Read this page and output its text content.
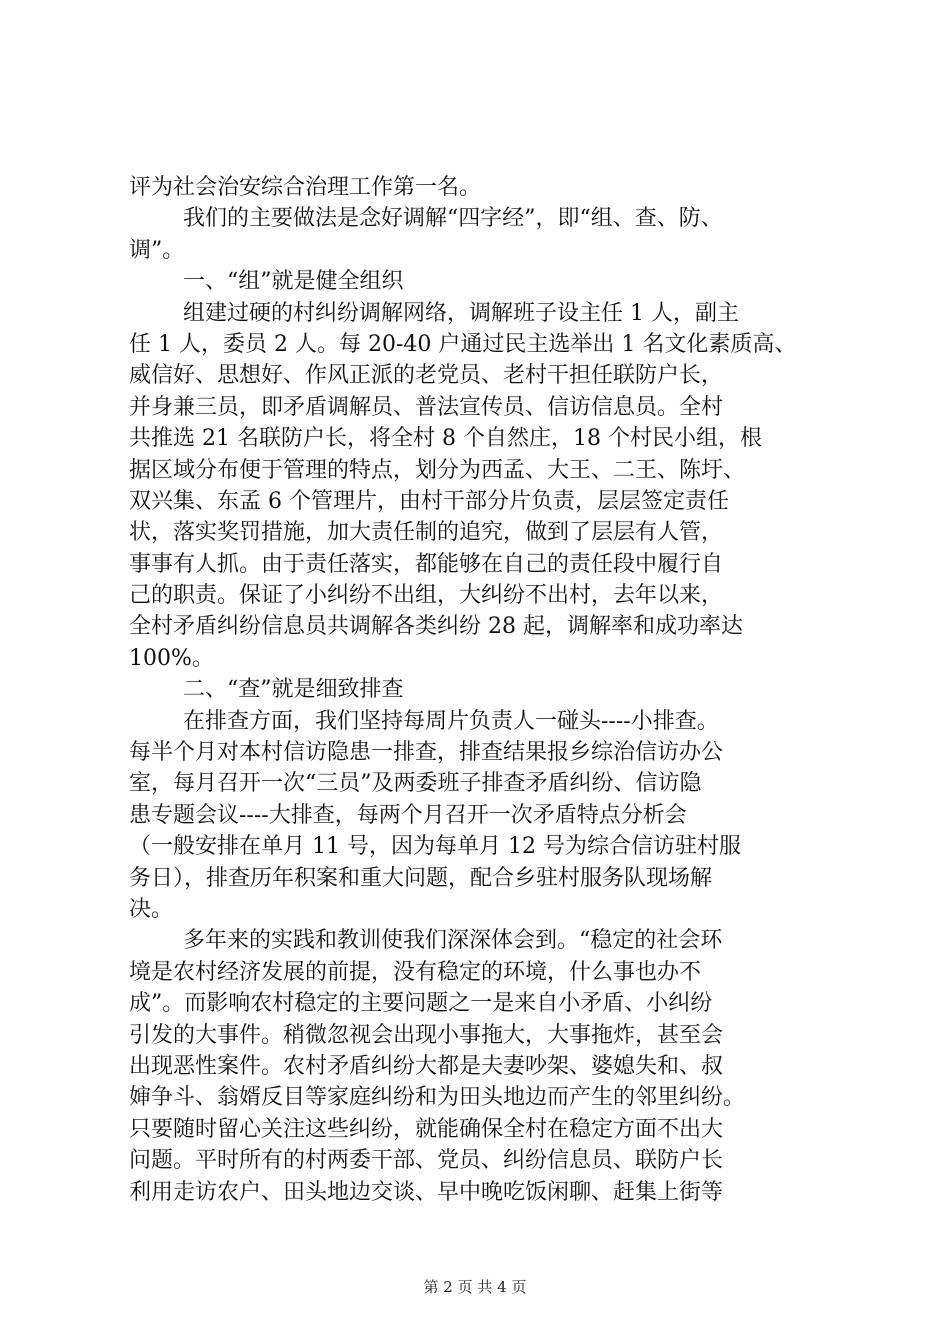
评为社会治安综合治理工作第一名。
我们的主要做法是念好调解“四字经”，即“组、查、防、
调”。
一、“组”就是健全组织
组建过硬的村纠纷调解网络，调解班子设主任 1 人，副主
任 1 人，委员 2 人。每 20-40 户通过民主选举出 1 名文化素质高、
威信好、思想好、作风正派的老党员、老村干担任联防户长，
并身兼三员，即矛盾调解员、普法宣传员、信访信息员。全村
共推选 21 名联防户长，将全村 8 个自然庄，18 个村民小组，根
据区域分布便于管理的特点，划分为西孟、大王、二王、陈圩、
双兴集、东孟 6 个管理片，由村干部分片负责，层层签定责任
状，落实奖罚措施，加大责任制的追究，做到了层层有人管，
事事有人抓。由于责任落实，都能够在自己的责任段中履行自
己的职责。保证了小纠纷不出组，大纠纷不出村，去年以来，
全村矛盾纠纷信息员共调解各类纠纷 28 起，调解率和成功率达
100%。
二、“查”就是细致排查
在排查方面，我们坚持每周片负责人一碰头----小排查。
每半个月对本村信访隐患一排查，排查结果报乡综治信访办公
室，每月召开一次“三员”及两委班子排查矛盾纠纷、信访隐
患专题会议----大排查，每两个月召开一次矛盾特点分析会
（一般安排在单月 11 号，因为每单月 12 号为综合信访驻村服
务日），排查历年积案和重大问题，配合乡驻村服务队现场解
决。
多年来的实践和教训使我们深深体会到。“稳定的社会环
境是农村经济发展的前提，没有稳定的环境，什么事也办不
成”。而影响农村稳定的主要问题之一是来自小矛盾、小纠纷
引发的大事件。稍微忽视会出现小事拖大，大事拖炸，甚至会
出现恶性案件。农村矛盾纠纷大都是夫妻吵架、婆媳失和、叔
婶争斗、翁婿反目等家庭纠纷和为田头地边而产生的邻里纠纷。
只要随时留心关注这些纠纷，就能确保全村在稳定方面不出大
问题。平时所有的村两委干部、党员、纠纷信息员、联防户长
利用走访农户、田头地边交谈、早中晚吃饭闲聊、赶集上街等
第 2 页 共 4 页
